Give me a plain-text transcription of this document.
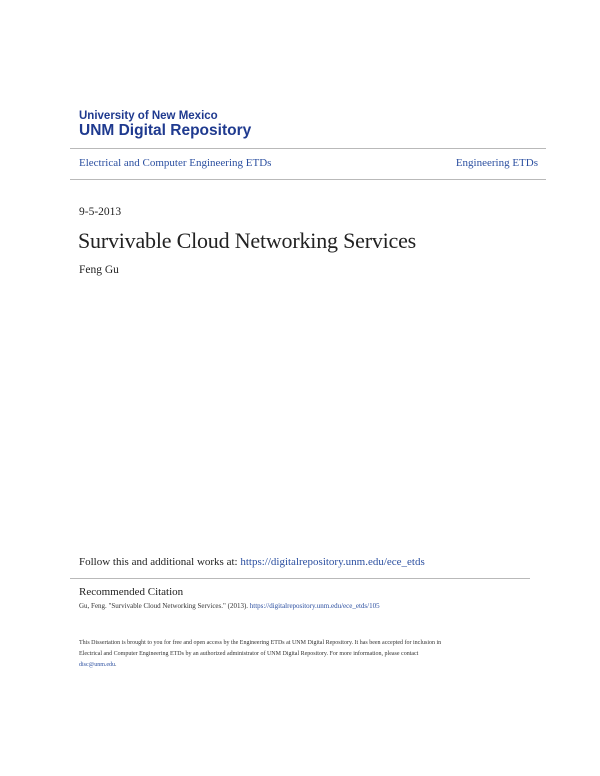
University of New Mexico
UNM Digital Repository
Electrical and Computer Engineering ETDs	Engineering ETDs
9-5-2013
Survivable Cloud Networking Services
Feng Gu
Follow this and additional works at: https://digitalrepository.unm.edu/ece_etds
Recommended Citation
Gu, Feng. "Survivable Cloud Networking Services." (2013). https://digitalrepository.unm.edu/ece_etds/105
This Dissertation is brought to you for free and open access by the Engineering ETDs at UNM Digital Repository. It has been accepted for inclusion in
Electrical and Computer Engineering ETDs by an authorized administrator of UNM Digital Repository. For more information, please contact
disc@unm.edu.
